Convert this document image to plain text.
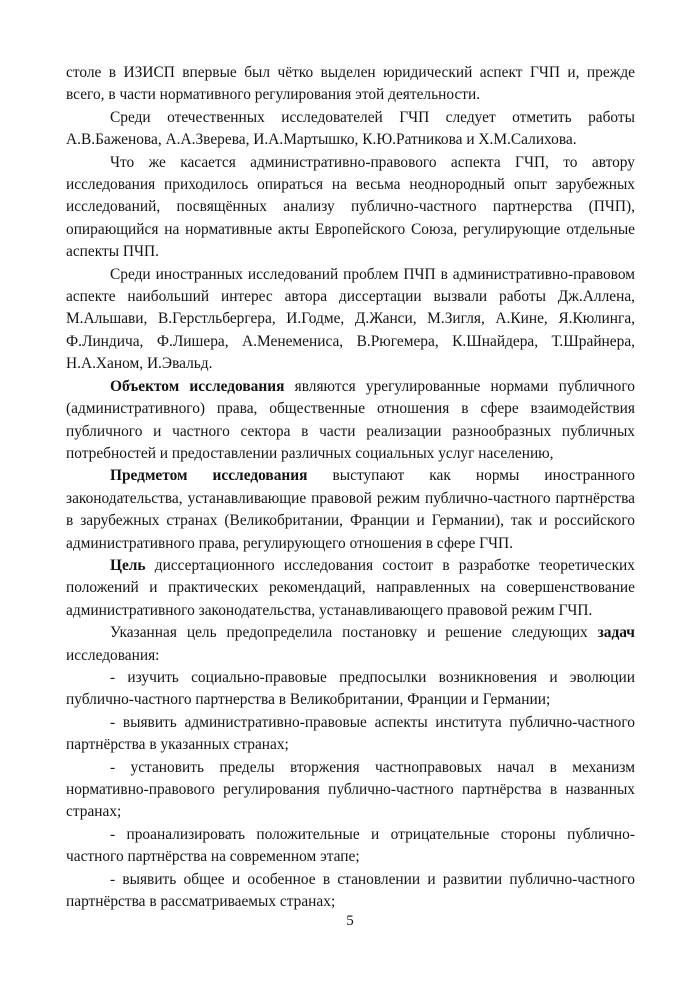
столе в ИЗИСП впервые был чётко выделен юридический аспект ГЧП и, прежде всего, в части нормативного регулирования этой деятельности.

Среди отечественных исследователей ГЧП следует отметить работы А.В.Баженова, А.А.Зверева, И.А.Мартышко, К.Ю.Ратникова и Х.М.Салихова.

Что же касается административно-правового аспекта ГЧП, то автору исследования приходилось опираться на весьма неоднородный опыт зарубежных исследований, посвящённых анализу публично-частного партнерства (ПЧП), опирающийся на нормативные акты Европейского Союза, регулирующие отдельные аспекты ПЧП.

Среди иностранных исследований проблем ПЧП в административно-правовом аспекте наибольший интерес автора диссертации вызвали работы Дж.Аллена, М.Альшави, В.Герстльбергера, И.Годме, Д.Жанси, М.Зигля, А.Кине, Я.Кюлинга, Ф.Линдича, Ф.Лишера, А.Менемениса, В.Рюгемера, К.Шнайдера, Т.Шрайнера, Н.А.Ханом, И.Эвальд.

Объектом исследования являются урегулированные нормами публичного (административного) права, общественные отношения в сфере взаимодействия публичного и частного сектора в части реализации разнообразных публичных потребностей и предоставлении различных социальных услуг населению,

Предметом исследования выступают как нормы иностранного законодательства, устанавливающие правовой режим публично-частного партнёрства в зарубежных странах (Великобритании, Франции и Германии), так и российского административного права, регулирующего отношения в сфере ГЧП.

Цель диссертационного исследования состоит в разработке теоретических положений и практических рекомендаций, направленных на совершенствование административного законодательства, устанавливающего правовой режим ГЧП.

Указанная цель предопределила постановку и решение следующих задач исследования:

- изучить социально-правовые предпосылки возникновения и эволюции публично-частного партнерства в Великобритании, Франции и Германии;

- выявить административно-правовые аспекты института публично-частного партнёрства в указанных странах;

- установить пределы вторжения частноправовых начал в механизм нормативно-правового регулирования публично-частного партнёрства в названных странах;

- проанализировать положительные и отрицательные стороны публично-частного партнёрства на современном этапе;

- выявить общее и особенное в становлении и развитии публично-частного партнёрства в рассматриваемых странах;

5
